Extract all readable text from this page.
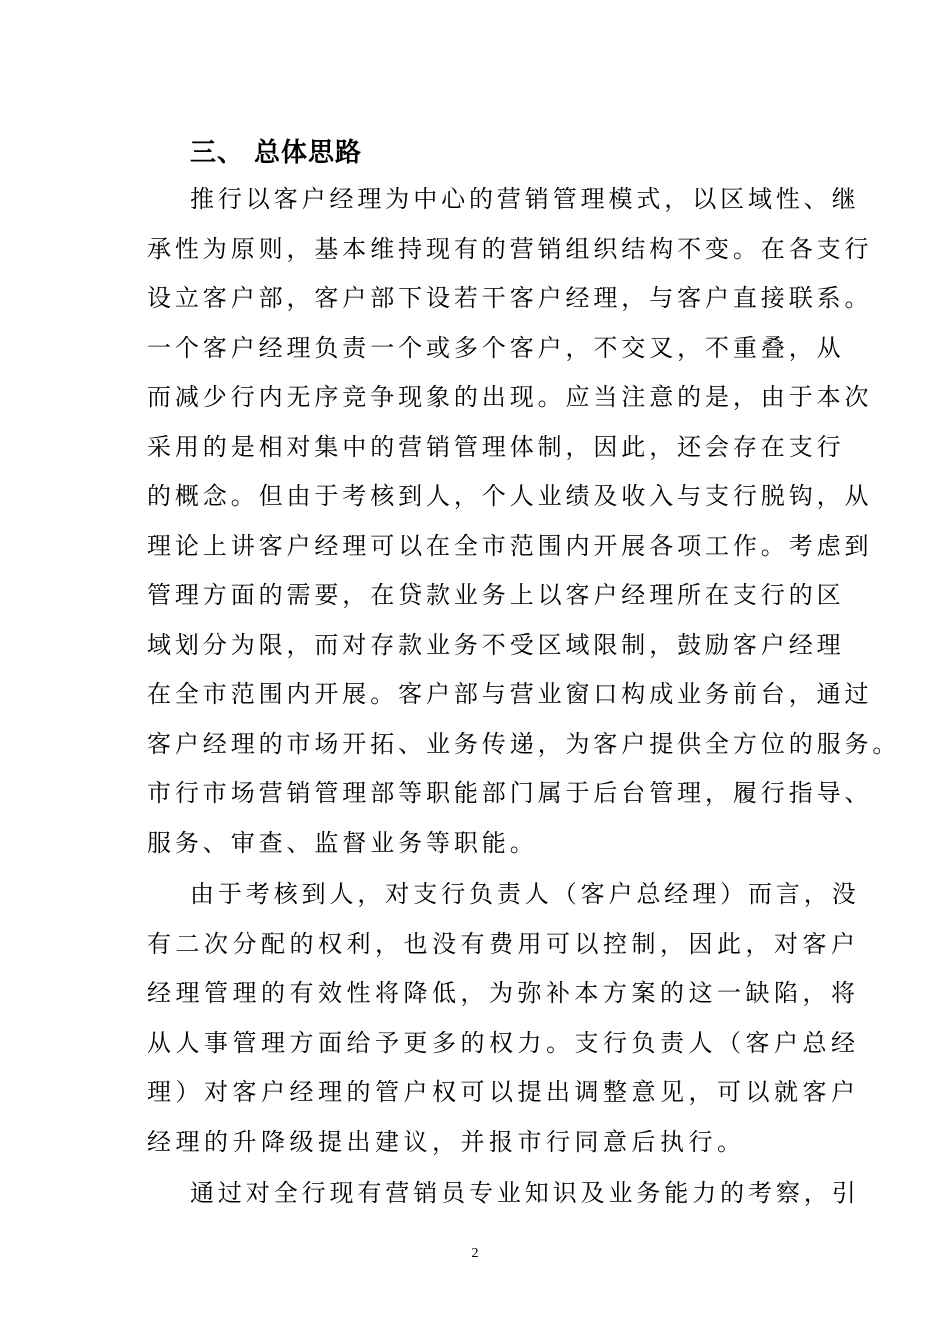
三、 总体思路
推行以客户经理为中心的营销管理模式，以区域性、继
承性为原则，基本维持现有的营销组织结构不变。在各支行
设立客户部，客户部下设若干客户经理，与客户直接联系。
一个客户经理负责一个或多个客户，不交叉，不重叠，从
而减少行内无序竞争现象的出现。应当注意的是，由于本次
采用的是相对集中的营销管理体制，因此，还会存在支行
的概念。但由于考核到人，个人业绩及收入与支行脱钩，从
理论上讲客户经理可以在全市范围内开展各项工作。考虑到
管理方面的需要，在贷款业务上以客户经理所在支行的区
域划分为限，而对存款业务不受区域限制，鼓励客户经理
在全市范围内开展。客户部与营业窗口构成业务前台，通过
客户经理的市场开拓、业务传递，为客户提供全方位的服务。
市行市场营销管理部等职能部门属于后台管理，履行指导、
服务、审查、监督业务等职能。
由于考核到人，对支行负责人（客户总经理）而言，没
有二次分配的权利，也没有费用可以控制，因此，对客户
经理管理的有效性将降低，为弥补本方案的这一缺陷，将
从人事管理方面给予更多的权力。支行负责人（客户总经
理）对客户经理的管户权可以提出调整意见，可以就客户
经理的升降级提出建议，并报市行同意后执行。
通过对全行现有营销员专业知识及业务能力的考察，引
2
